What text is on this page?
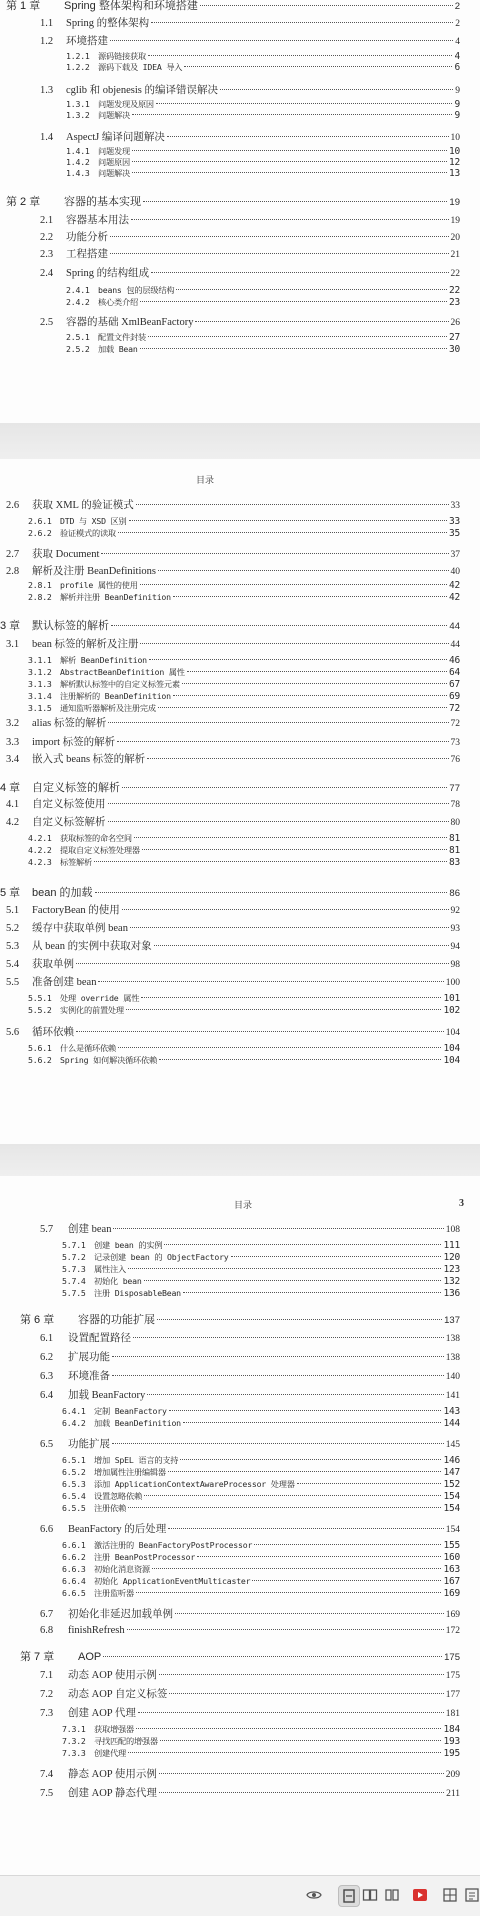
第 1 章	Spring 整体架构和环境搭建	2
1.1	Spring 的整体架构	2
1.2	环境搭建	4
1.2.1	源码链接获取	4
1.2.2	源码下载及 IDEA 导入	6
1.3	cglib 和 objenesis 的编译错误解决	9
1.3.1	问题发现及原因	9
1.3.2	问题解决	9
1.4	AspectJ 编译问题解决	10
1.4.1	问题发现	10
1.4.2	问题原因	12
1.4.3	问题解决	13
第 2 章	容器的基本实现	19
2.1	容器基本用法	19
2.2	功能分析	20
2.3	工程搭建	21
2.4	Spring 的结构组成	22
2.4.1	beans 包的层级结构	22
2.4.2	核心类介绍	23
2.5	容器的基础 XmlBeanFactory	26
2.5.1	配置文件封装	27
2.5.2	加载 Bean	30
目录
2.6	获取 XML 的验证模式	33
2.6.1	DTD 与 XSD 区别	33
2.6.2	验证模式的读取	35
2.7	获取 Document	37
2.8	解析及注册 BeanDefinitions	40
2.8.1	profile 属性的使用	42
2.8.2	解析并注册 BeanDefinition	42
3 章	默认标签的解析	44
3.1	bean 标签的解析及注册	44
3.1.1	解析 BeanDefinition	46
3.1.2	AbstractBeanDefinition 属性	64
3.1.3	解析默认标签中的自定义标签元素	67
3.1.4	注册解析的 BeanDefinition	69
3.1.5	通知监听器解析及注册完成	72
3.2	alias 标签的解析	72
3.3	import 标签的解析	73
3.4	嵌入式 beans 标签的解析	76
4 章	自定义标签的解析	77
4.1	自定义标签使用	78
4.2	自定义标签解析	80
4.2.1	获取标签的命名空间	81
4.2.2	提取自定义标签处理器	81
4.2.3	标签解析	83
5 章	bean 的加载	86
5.1	FactoryBean 的使用	92
5.2	缓存中获取单例 bean	93
5.3	从 bean 的实例中获取对象	94
5.4	获取单例	98
5.5	准备创建 bean	100
5.5.1	处理 override 属性	101
5.5.2	实例化的前置处理	102
5.6	循环依赖	104
5.6.1	什么是循环依赖	104
5.6.2	Spring 如何解决循环依赖	104
目录	3
5.7	创建 bean	108
5.7.1	创建 bean 的实例	111
5.7.2	记录创建 bean 的 ObjectFactory	120
5.7.3	属性注入	123
5.7.4	初始化 bean	132
5.7.5	注册 DisposableBean	136
第 6 章	容器的功能扩展	137
6.1	设置配置路径	138
6.2	扩展功能	138
6.3	环境准备	140
6.4	加载 BeanFactory	141
6.4.1	定制 BeanFactory	143
6.4.2	加载 BeanDefinition	144
6.5	功能扩展	145
6.5.1	增加 SpEL 语言的支持	146
6.5.2	增加属性注册编辑器	147
6.5.3	添加 ApplicationContextAwareProcessor 处理器	152
6.5.4	设置忽略依赖	154
6.5.5	注册依赖	154
6.6	BeanFactory 的后处理	154
6.6.1	激活注册的 BeanFactoryPostProcessor	155
6.6.2	注册 BeanPostProcessor	160
6.6.3	初始化消息资源	163
6.6.4	初始化 ApplicationEventMulticaster	167
6.6.5	注册监听器	169
6.7	初始化非延迟加载单例	169
6.8	finishRefresh	172
第 7 章	AOP	175
7.1	动态 AOP 使用示例	175
7.2	动态 AOP 自定义标签	177
7.3	创建 AOP 代理	181
7.3.1	获取增强器	184
7.3.2	寻找匹配的增强器	193
7.3.3	创建代理	195
7.4	静态 AOP 使用示例	209
7.5	创建 AOP 静态代理	211
